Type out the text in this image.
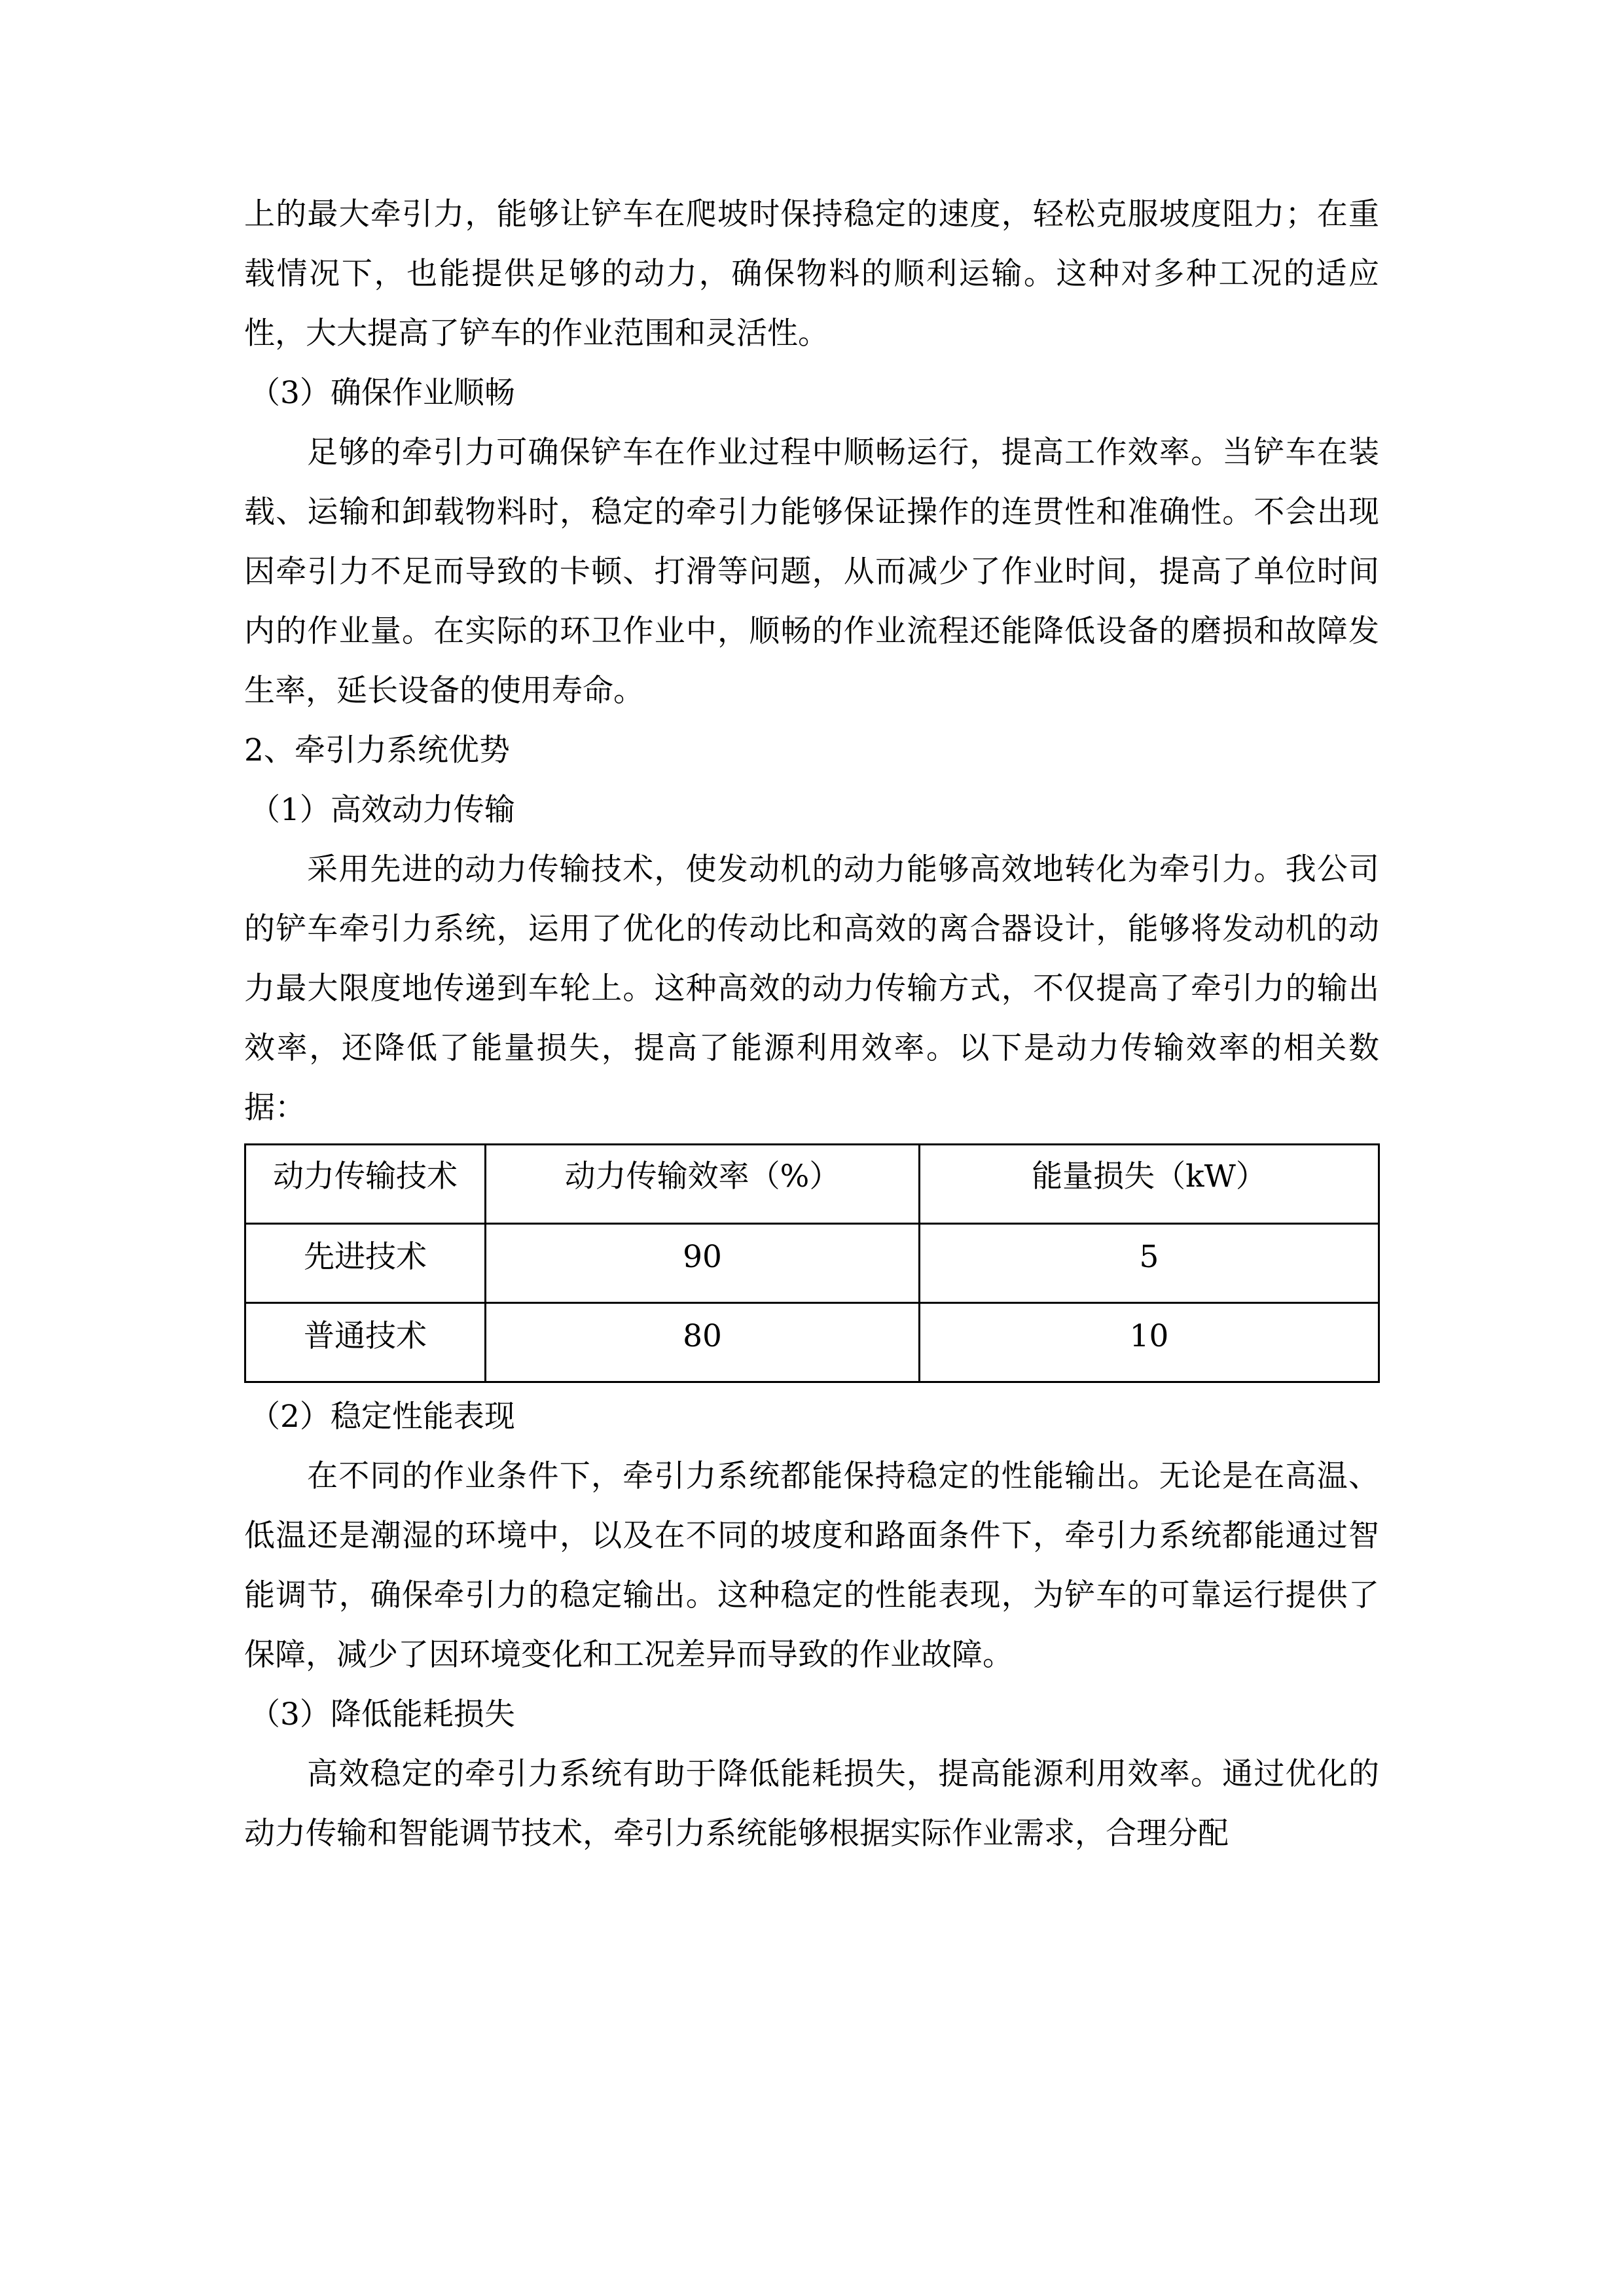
上的最大牵引力，能够让铲车在爬坡时保持稳定的速度，轻松克服坡度阻力；在重载情况下，也能提供足够的动力，确保物料的顺利运输。这种对多种工况的适应性，大大提高了铲车的作业范围和灵活性。

（3）确保作业顺畅

足够的牵引力可确保铲车在作业过程中顺畅运行，提高工作效率。当铲车在装载、运输和卸载物料时，稳定的牵引力能够保证操作的连贯性和准确性。不会出现因牵引力不足而导致的卡顿、打滑等问题，从而减少了作业时间，提高了单位时间内的作业量。在实际的环卫作业中，顺畅的作业流程还能降低设备的磨损和故障发生率，延长设备的使用寿命。

2、牵引力系统优势

（1）高效动力传输

采用先进的动力传输技术，使发动机的动力能够高效地转化为牵引力。我公司的铲车牵引力系统，运用了优化的传动比和高效的离合器设计，能够将发动机的动力最大限度地传递到车轮上。这种高效的动力传输方式，不仅提高了牵引力的输出效率，还降低了能量损失，提高了能源利用效率。以下是动力传输效率的相关数据：

动力传输技术	动力传输效率（%）	能量损失（kW）
先进技术	90	5
普通技术	80	10

（2）稳定性能表现

在不同的作业条件下，牵引力系统都能保持稳定的性能输出。无论是在高温、低温还是潮湿的环境中，以及在不同的坡度和路面条件下，牵引力系统都能通过智能调节，确保牵引力的稳定输出。这种稳定的性能表现，为铲车的可靠运行提供了保障，减少了因环境变化和工况差异而导致的作业故障。

（3）降低能耗损失

高效稳定的牵引力系统有助于降低能耗损失，提高能源利用效率。通过优化的动力传输和智能调节技术，牵引力系统能够根据实际作业需求，合理分配
